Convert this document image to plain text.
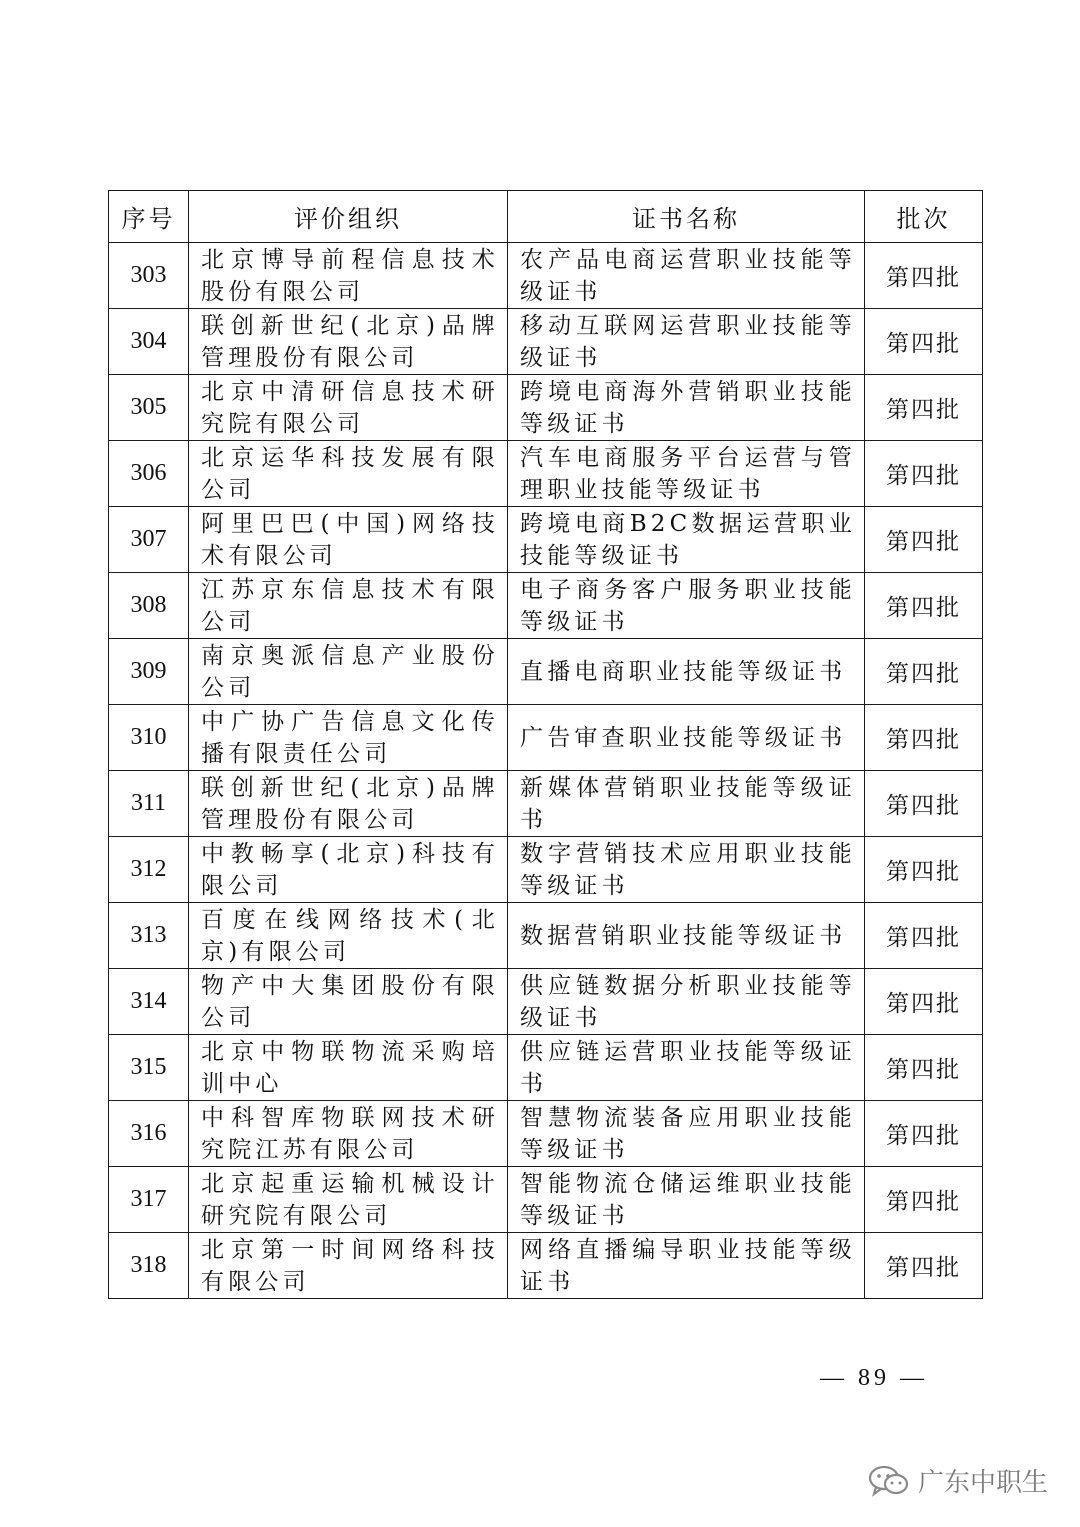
序号	评价组织	证书名称	批次
303	北京博导前程信息技术股份有限公司	农产品电商运营职业技能等级证书	第四批
304	联创新世纪(北京)品牌管理股份有限公司	移动互联网运营职业技能等级证书	第四批
305	北京中清研信息技术研究院有限公司	跨境电商海外营销职业技能等级证书	第四批
306	北京运华科技发展有限公司	汽车电商服务平台运营与管理职业技能等级证书	第四批
307	阿里巴巴(中国)网络技术有限公司	跨境电商B2C数据运营职业技能等级证书	第四批
308	江苏京东信息技术有限公司	电子商务客户服务职业技能等级证书	第四批
309	南京奥派信息产业股份公司	直播电商职业技能等级证书	第四批
310	中广协广告信息文化传播有限责任公司	广告审查职业技能等级证书	第四批
311	联创新世纪(北京)品牌管理股份有限公司	新媒体营销职业技能等级证书	第四批
312	中教畅享(北京)科技有限公司	数字营销技术应用职业技能等级证书	第四批
313	百度在线网络技术(北京)有限公司	数据营销职业技能等级证书	第四批
314	物产中大集团股份有限公司	供应链数据分析职业技能等级证书	第四批
315	北京中物联物流采购培训中心	供应链运营职业技能等级证书	第四批
316	中科智库物联网技术研究院江苏有限公司	智慧物流装备应用职业技能等级证书	第四批
317	北京起重运输机械设计研究院有限公司	智能物流仓储运维职业技能等级证书	第四批
318	北京第一时间网络科技有限公司	网络直播编导职业技能等级证书	第四批
— 89 —
广东中职生
